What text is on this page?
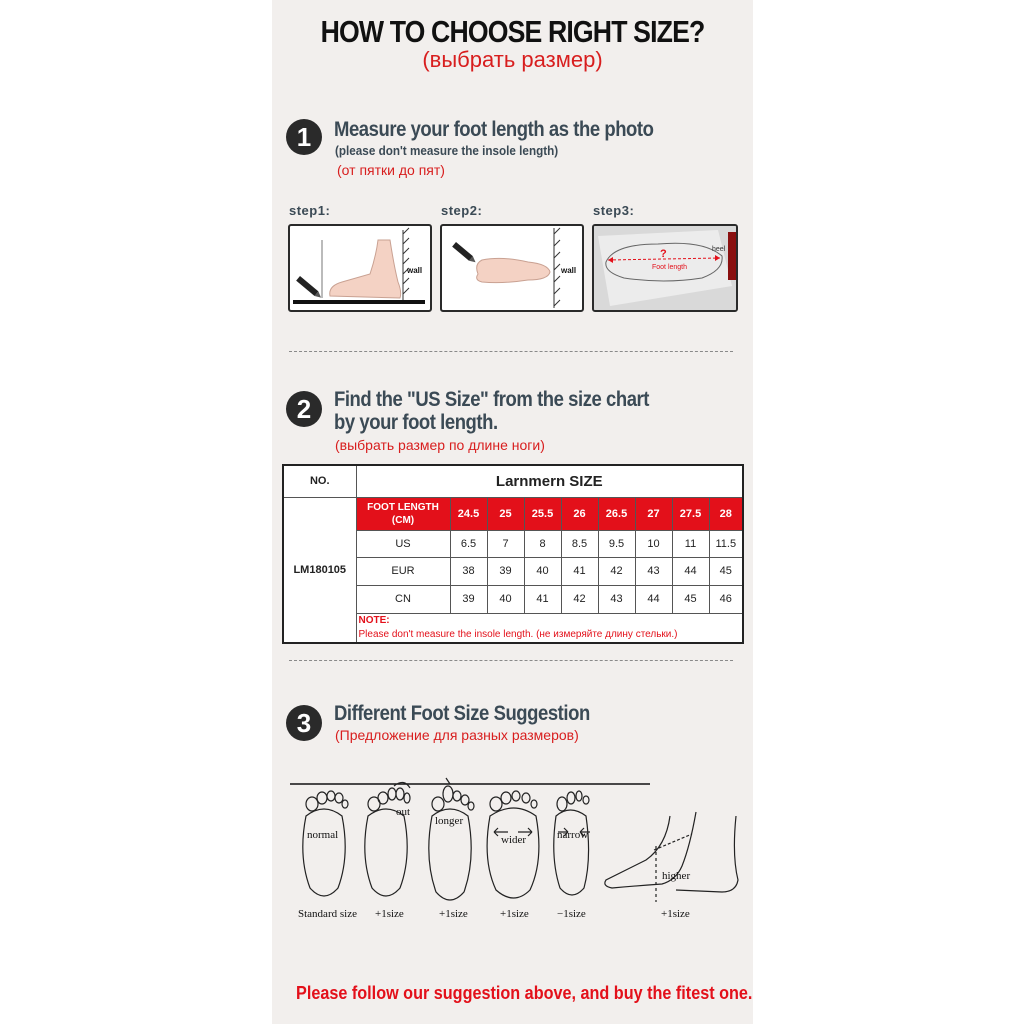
HOW TO CHOOSE RIGHT SIZE?
(выбрать размер)
1	Measure your foot length as the photo
(please don't measure the insole length)
(от пятки до пят)
step1:	step2:	step3:
wall	wall
?
Foot length
heel
2	Find the "US Size" from the size chart
by your foot length.
(выбрать размер по длине ноги)
NO.	Larnmern SIZE								
LM180105	FOOT LENGTH
(CM)	24.5	25	25.5	26	26.5	27	27.5	28
	US	6.5	7	8	8.5	9.5	10	11	11.5
	EUR	38	39	40	41	42	43	44	45
	CN	39	40	41	42	43	44	45	46

	NOTE:
Please don't measure the insole length. (не измеряйте длину стельки.)								
3	Different Foot Size Suggestion
(Предложение для разных размеров)
normal
out
longer
wider	narrow
higher
Standard size +1size	+1size	+1size	−1size	+1size
Please follow our suggestion above, and buy the fitest one.
